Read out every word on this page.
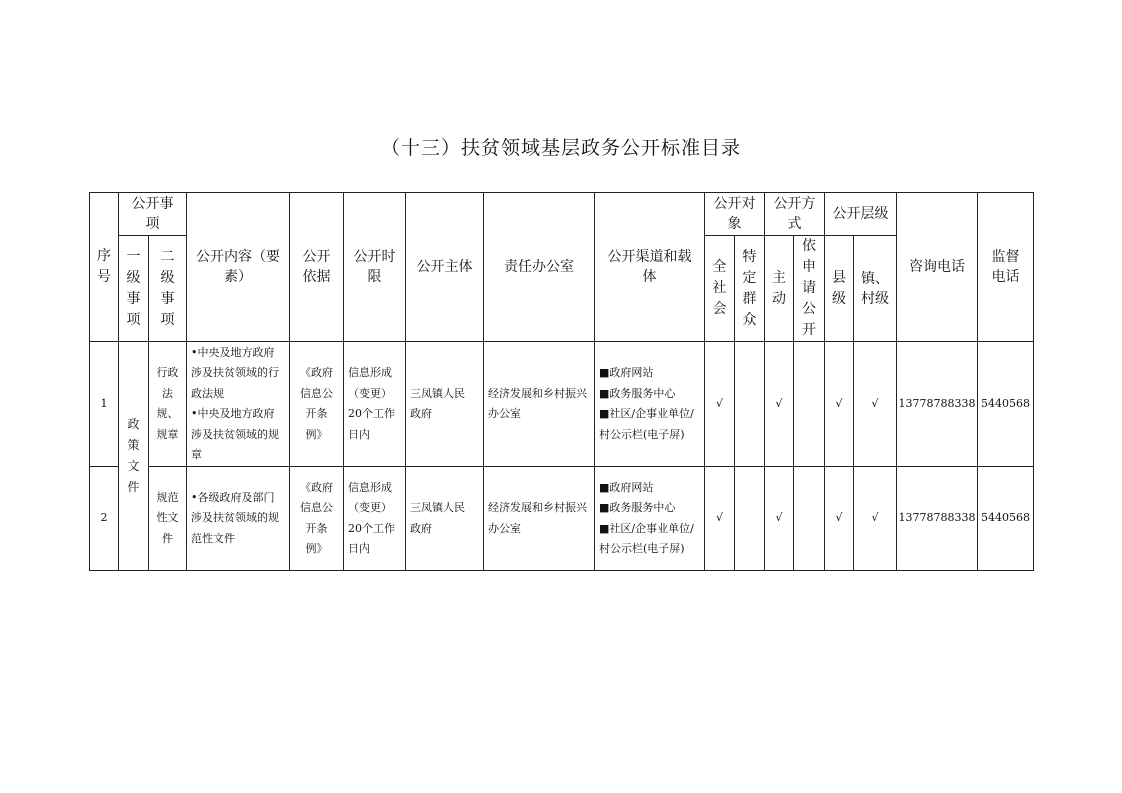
（十三）扶贫领域基层政务公开标准目录
序号	公开事项		公开内容（要素）	公开依据	公开时限	公开主体	责任办公室	公开渠道和载体	公开对象		公开方式		公开层级		咨询电话	监督电话
	一级事项	二级事项							全社会	特定群众	主动	依申请公开	县级	镇、村级		
1	政策文件	行政法规、规章	•中央及地方政府涉及扶贫领域的行政法规
•中央及地方政府涉及扶贫领域的规章	《政府信息公开条例》	信息形成（变更）20个工作日内	三凤镇人民政府	经济发展和乡村振兴办公室	■政府网站
■政务服务中心
■社区/企事业单位/村公示栏(电子屏)	√		√		√	√	13778788338	5440568
2		规范性文件	•各级政府及部门涉及扶贫领域的规范性文件	《政府信息公开条例》	信息形成（变更）20个工作日内	三凤镇人民政府	经济发展和乡村振兴办公室	■政府网站
■政务服务中心
■社区/企事业单位/村公示栏(电子屏)	√		√		√	√	13778788338	5440568
